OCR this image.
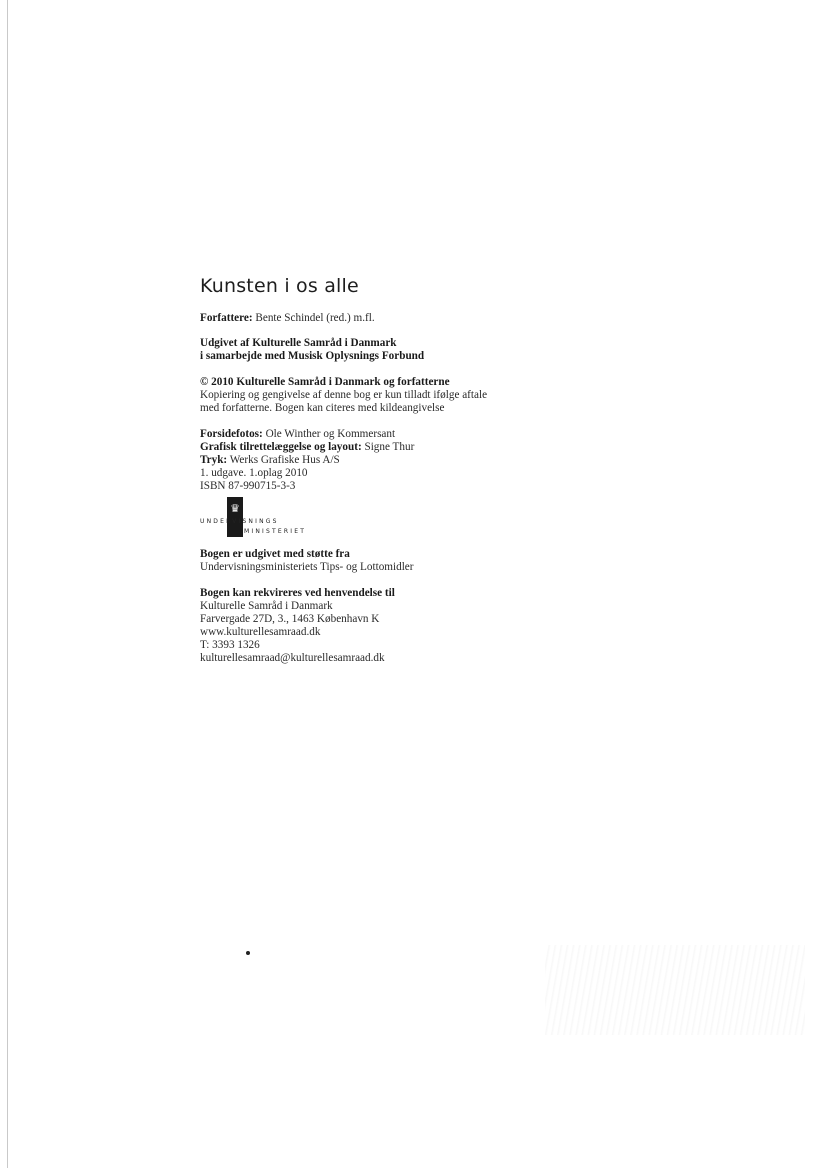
Kunsten i os alle

Forfattere: Bente Schindel (red.) m.fl.

Udgivet af Kulturelle Samråd i Danmark
i samarbejde med Musisk Oplysnings Forbund

© 2010 Kulturelle Samråd i Danmark og forfatterne
Kopiering og gengivelse af denne bog er kun tilladt ifølge aftale
med forfatterne. Bogen kan citeres med kildeangivelse

Forsidefotos: Ole Winther og Kommersant
Grafisk tilrettelæggelse og layout: Signe Thur
Tryk: Werks Grafiske Hus A/S
1. udgave. 1.oplag 2010
ISBN 87-990715-3-3

♛
UNDERVISNINGS
MINISTERIET

Bogen er udgivet med støtte fra
Undervisningsministeriets Tips- og Lottomidler

Bogen kan rekvireres ved henvendelse til
Kulturelle Samråd i Danmark
Farvergade 27D, 3., 1463 København K
www.kulturellesamraad.dk
T: 3393 1326
kulturellesamraad@kulturellesamraad.dk
